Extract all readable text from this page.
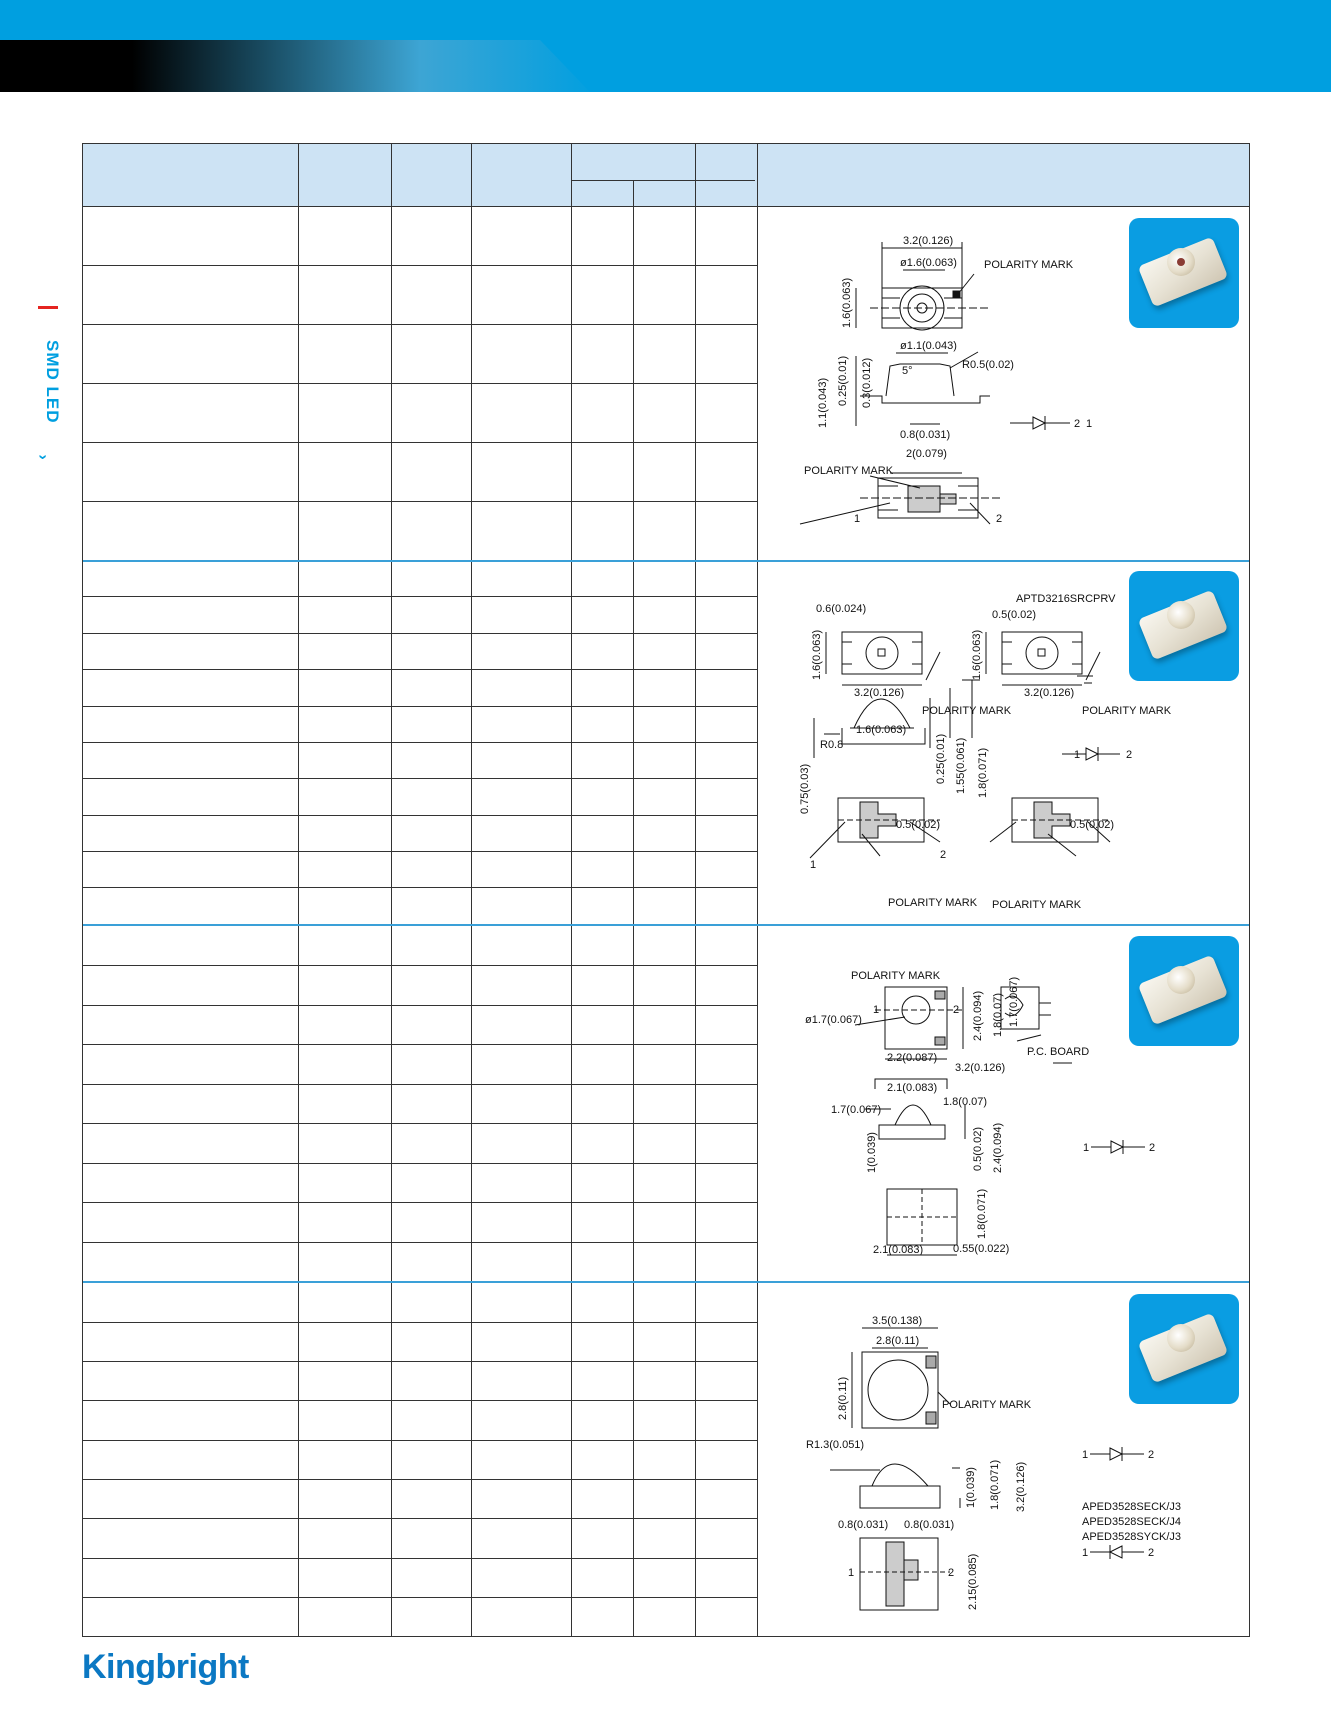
SMD LED
›
3.2(0.126)
ø1.6(0.063) POLARITY MARK
1.6(0.063)
ø1.1(0.043)
R0.5(0.02)
1.1(0.043) 0.25(0.01) 0.3(0.012)	5°
0.8(0.031)
2(0.079)
POLARITY MARK
1	2
1
2
APTD3216SRCPRV
0.6(0.024)	0.5(0.02)
1.6(0.063)	1.6(0.063)
3.2(0.126)	3.2(0.126)
POLARITY MARK	POLARITY MARK
1.6(0.063)
R0.8
0.75(0.03)
0.25(0.01) 1.55(0.061) 1.8(0.071)
0.5(0.02)	0.5(0.02)
POLARITY MARK POLARITY MARK
1
2
1	2
POLARITY MARK
ø1.7(0.067)
2.2(0.087)
3.2(0.126)
2.4(0.094) 1.8(0.07) 1.7(0.067)
P.C. BOARD
2.1(0.083)
1.8(0.07)
1.7(0.067)
1(0.039)	0.5(0.02) 2.4(0.094)
1.8(0.071)
2.1(0.083)	0.55(0.022)
1	2
1	2
3.5(0.138)
2.8(0.11)
2.8(0.11)	POLARITY MARK
R1.3(0.051)
1(0.039) 1.8(0.071) 3.2(0.126)
0.8(0.031) 0.8(0.031)
2.15(0.085)
1	2
1	2
APED3528SECK/J3
APED3528SECK/J4
APED3528SYCK/J3
1	2
Kingbright
